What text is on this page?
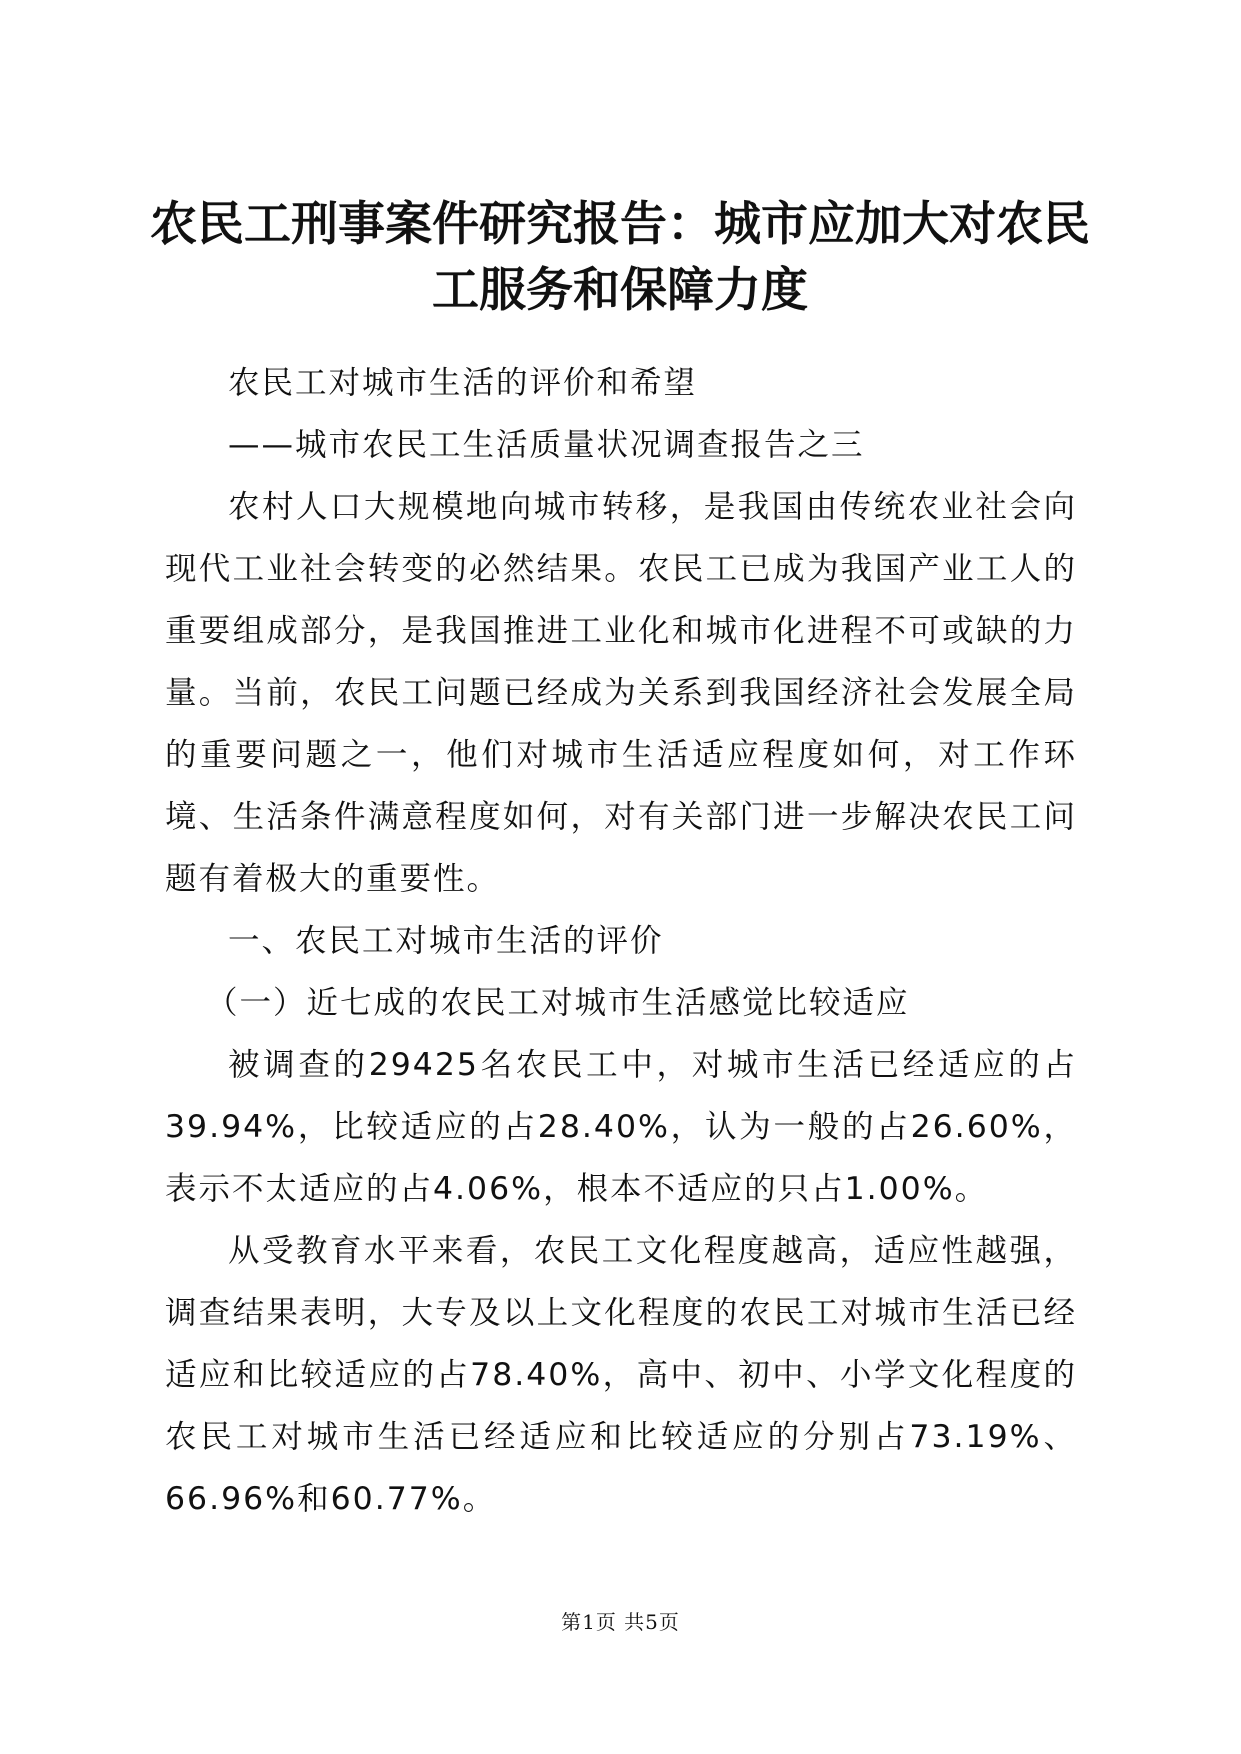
农民工刑事案件研究报告：城市应加大对农民工服务和保障力度

农民工对城市生活的评价和希望

——城市农民工生活质量状况调查报告之三

农村人口大规模地向城市转移，是我国由传统农业社会向现代工业社会转变的必然结果。农民工已成为我国产业工人的重要组成部分，是我国推进工业化和城市化进程不可或缺的力量。当前，农民工问题已经成为关系到我国经济社会发展全局的重要问题之一，他们对城市生活适应程度如何，对工作环境、生活条件满意程度如何，对有关部门进一步解决农民工问题有着极大的重要性。

一、农民工对城市生活的评价

（一）近七成的农民工对城市生活感觉比较适应

被调查的29425名农民工中，对城市生活已经适应的占39.94%，比较适应的占28.40%，认为一般的占26.60%，表示不太适应的占4.06%，根本不适应的只占1.00%。

从受教育水平来看，农民工文化程度越高，适应性越强，调查结果表明，大专及以上文化程度的农民工对城市生活已经适应和比较适应的占78.40%，高中、初中、小学文化程度的农民工对城市生活已经适应和比较适应的分别占73.19%、66.96%和60.77%。

第1页 共5页
